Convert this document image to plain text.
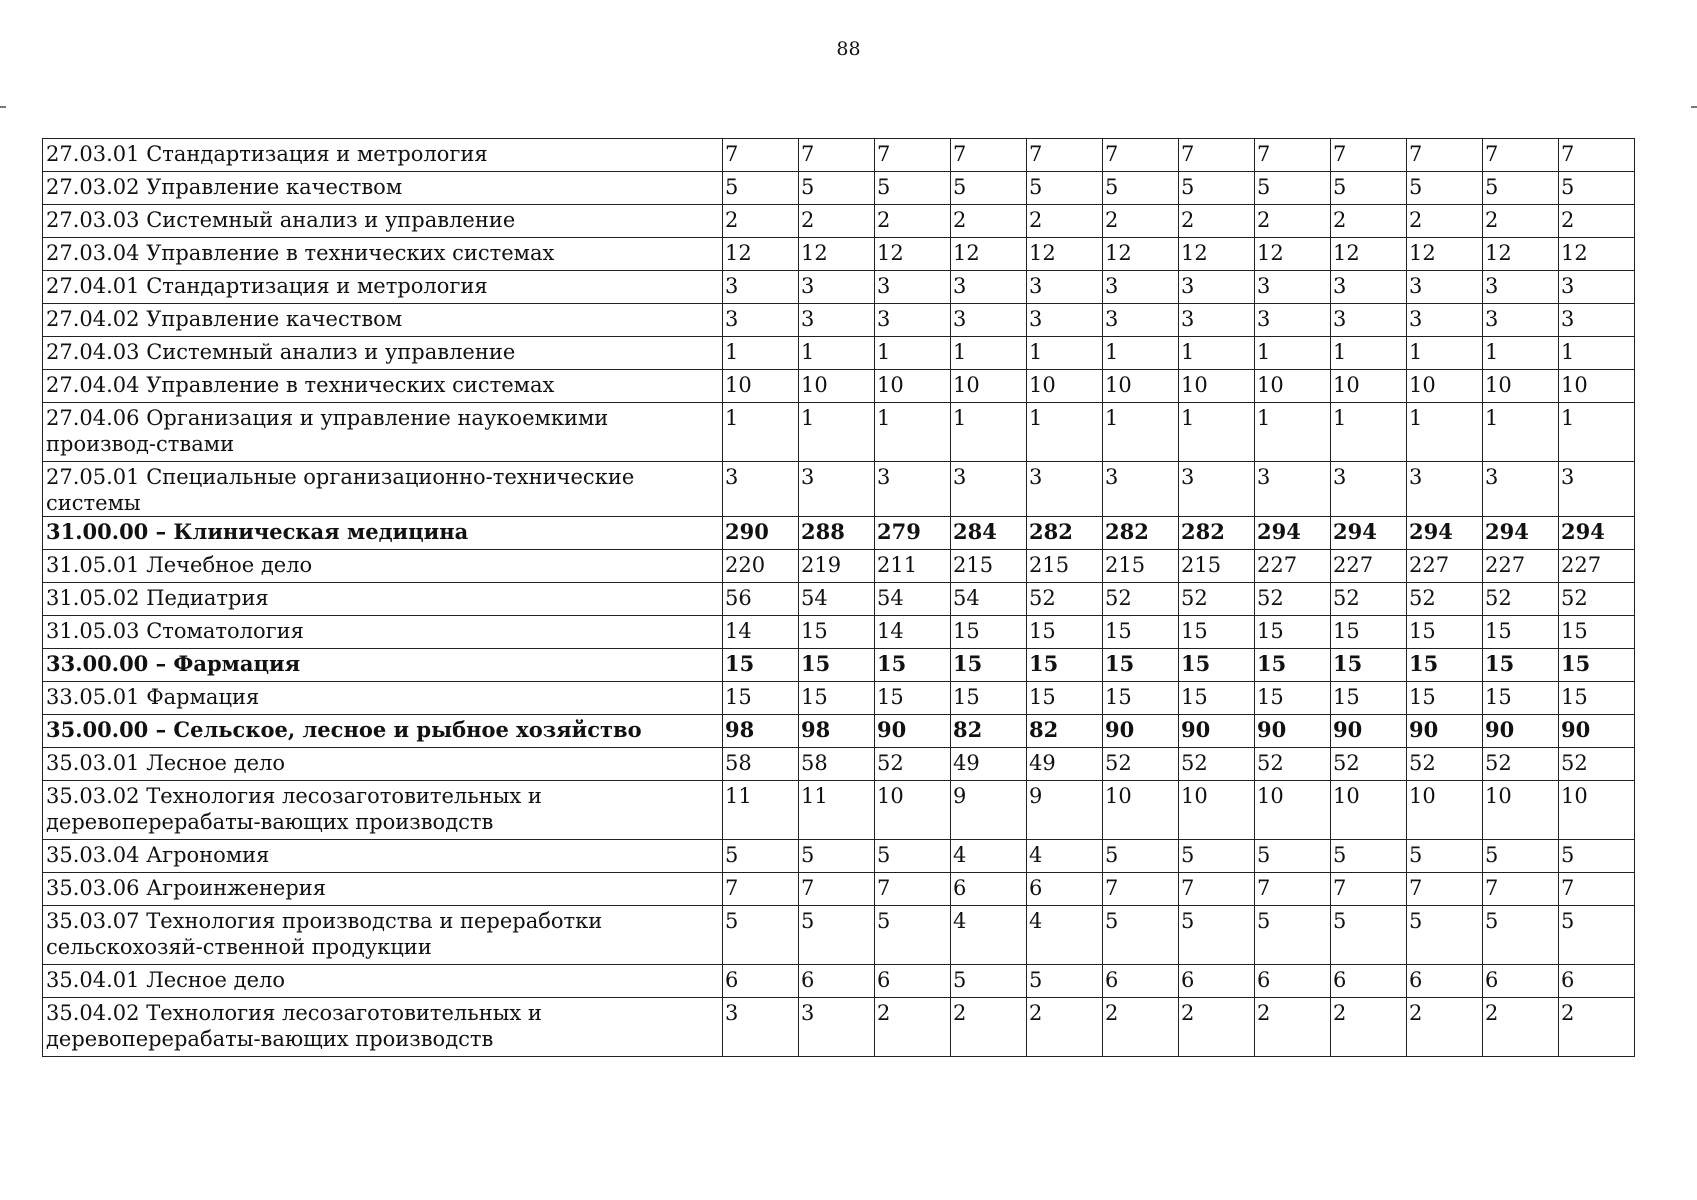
88
27.03.01 Стандартизация и метрология	7	7	7	7	7	7	7	7	7	7	7	7
27.03.02 Управление качеством	5	5	5	5	5	5	5	5	5	5	5	5
27.03.03 Системный анализ и управление	2	2	2	2	2	2	2	2	2	2	2	2
27.03.04 Управление в технических системах	12	12	12	12	12	12	12	12	12	12	12	12
27.04.01 Стандартизация и метрология	3	3	3	3	3	3	3	3	3	3	3	3
27.04.02 Управление качеством	3	3	3	3	3	3	3	3	3	3	3	3
27.04.03 Системный анализ и управление	1	1	1	1	1	1	1	1	1	1	1	1
27.04.04 Управление в технических системах	10	10	10	10	10	10	10	10	10	10	10	10
27.04.06 Организация и управление наукоемкими производ-ствами	1	1	1	1	1	1	1	1	1	1	1	1
27.05.01 Специальные организационно-технические системы	3	3	3	3	3	3	3	3	3	3	3	3
31.00.00 – Клиническая медицина	290	288	279	284	282	282	282	294	294	294	294	294
31.05.01 Лечебное дело	220	219	211	215	215	215	215	227	227	227	227	227
31.05.02 Педиатрия	56	54	54	54	52	52	52	52	52	52	52	52
31.05.03 Стоматология	14	15	14	15	15	15	15	15	15	15	15	15
33.00.00 – Фармация	15	15	15	15	15	15	15	15	15	15	15	15
33.05.01 Фармация	15	15	15	15	15	15	15	15	15	15	15	15
35.00.00 – Сельское, лесное и рыбное хозяйство	98	98	90	82	82	90	90	90	90	90	90	90
35.03.01 Лесное дело	58	58	52	49	49	52	52	52	52	52	52	52
35.03.02 Технология лесозаготовительных и деревоперерабаты-вающих производств	11	11	10	9	9	10	10	10	10	10	10	10
35.03.04 Агрономия	5	5	5	4	4	5	5	5	5	5	5	5
35.03.06 Агроинженерия	7	7	7	6	6	7	7	7	7	7	7	7
35.03.07 Технология производства и переработки сельскохозяй-ственной продукции	5	5	5	4	4	5	5	5	5	5	5	5
35.04.01 Лесное дело	6	6	6	5	5	6	6	6	6	6	6	6
35.04.02 Технология лесозаготовительных и деревоперерабаты-вающих производств	3	3	2	2	2	2	2	2	2	2	2	2
